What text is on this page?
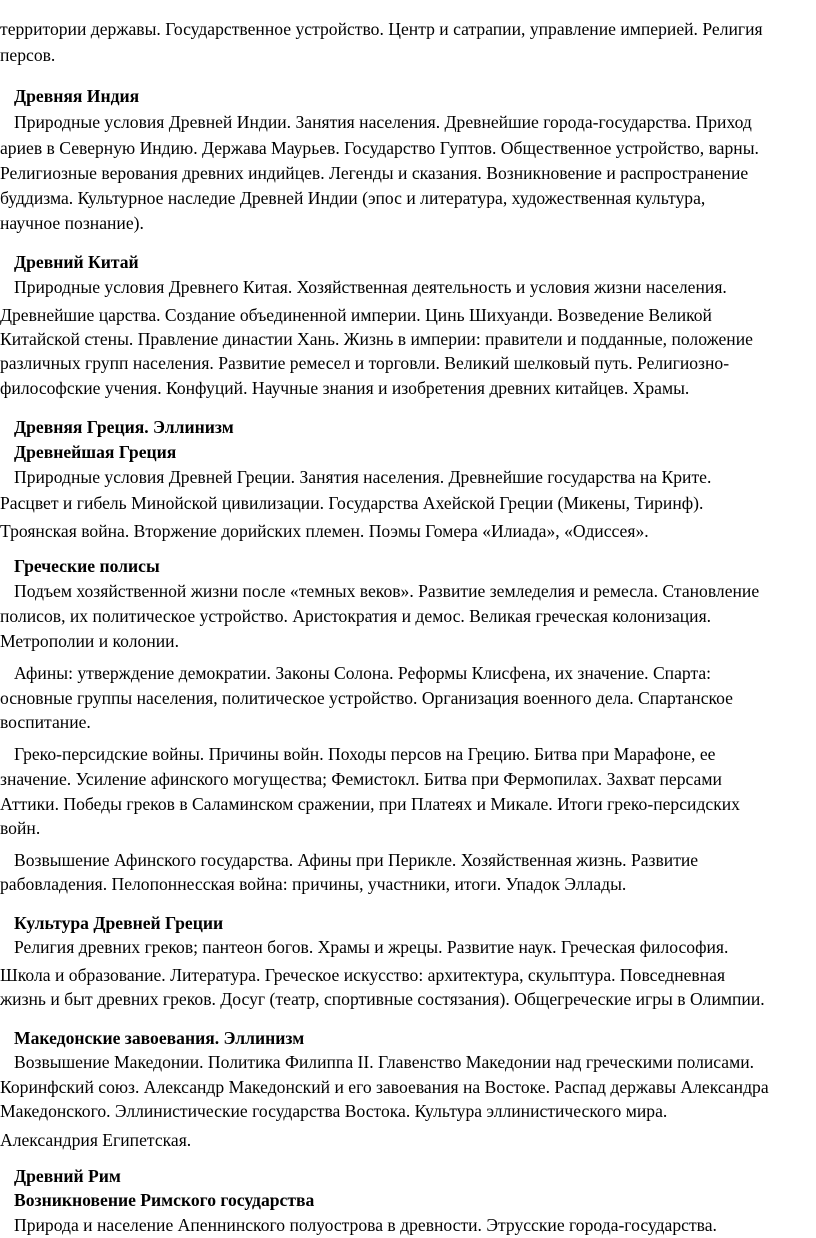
территории державы. Государственное устройство. Центр и сатрапии, управление империей. Религия
персов.
Древняя Индия
Природные условия Древней Индии. Занятия населения. Древнейшие города-государства. Приход
ариев в Северную Индию. Держава Маурьев. Государство Гуптов. Общественное устройство, варны.
Религиозные верования древних индийцев. Легенды и сказания. Возникновение и распространение
буддизма. Культурное наследие Древней Индии (эпос и литература, художественная культура,
научное познание).
Древний Китай
Природные условия Древнего Китая. Хозяйственная деятельность и условия жизни населения.
Древнейшие царства. Создание объединенной империи. Цинь Шихуанди. Возведение Великой
Китайской стены. Правление династии Хань. Жизнь в империи: правители и подданные, положение
различных групп населения. Развитие ремесел и торговли. Великий шелковый путь. Религиозно-
философские учения. Конфуций. Научные знания и изобретения древних китайцев. Храмы.
Древняя Греция. Эллинизм
Древнейшая Греция
Природные условия Древней Греции. Занятия населения. Древнейшие государства на Крите.
Расцвет и гибель Минойской цивилизации. Государства Ахейской Греции (Микены, Тиринф).
Троянская война. Вторжение дорийских племен. Поэмы Гомера «Илиада», «Одиссея».
Греческие полисы
Подъем хозяйственной жизни после «темных веков». Развитие земледелия и ремесла. Становление
полисов, их политическое устройство. Аристократия и демос. Великая греческая колонизация.
Метрополии и колонии.
Афины: утверждение демократии. Законы Солона. Реформы Клисфена, их значение. Спарта:
основные группы населения, политическое устройство. Организация военного дела. Спартанское
воспитание.
Греко-персидские войны. Причины войн. Походы персов на Грецию. Битва при Марафоне, ее
значение. Усиление афинского могущества; Фемистокл. Битва при Фермопилах. Захват персами
Аттики. Победы греков в Саламинском сражении, при Платеях и Микале. Итоги греко-персидских
войн.
Возвышение Афинского государства. Афины при Перикле. Хозяйственная жизнь. Развитие
рабовладения. Пелопоннесская война: причины, участники, итоги. Упадок Эллады.
Культура Древней Греции
Религия древних греков; пантеон богов. Храмы и жрецы. Развитие наук. Греческая философия.
Школа и образование. Литература. Греческое искусство: архитектура, скульптура. Повседневная
жизнь и быт древних греков. Досуг (театр, спортивные состязания). Общегреческие игры в Олимпии.
Македонские завоевания. Эллинизм
Возвышение Македонии. Политика Филиппа II. Главенство Македонии над греческими полисами.
Коринфский союз. Александр Македонский и его завоевания на Востоке. Распад державы Александра
Македонского. Эллинистические государства Востока. Культура эллинистического мира.
Александрия Египетская.
Древний Рим
Возникновение Римского государства
Природа и население Апеннинского полуострова в древности. Этрусские города-государства.
